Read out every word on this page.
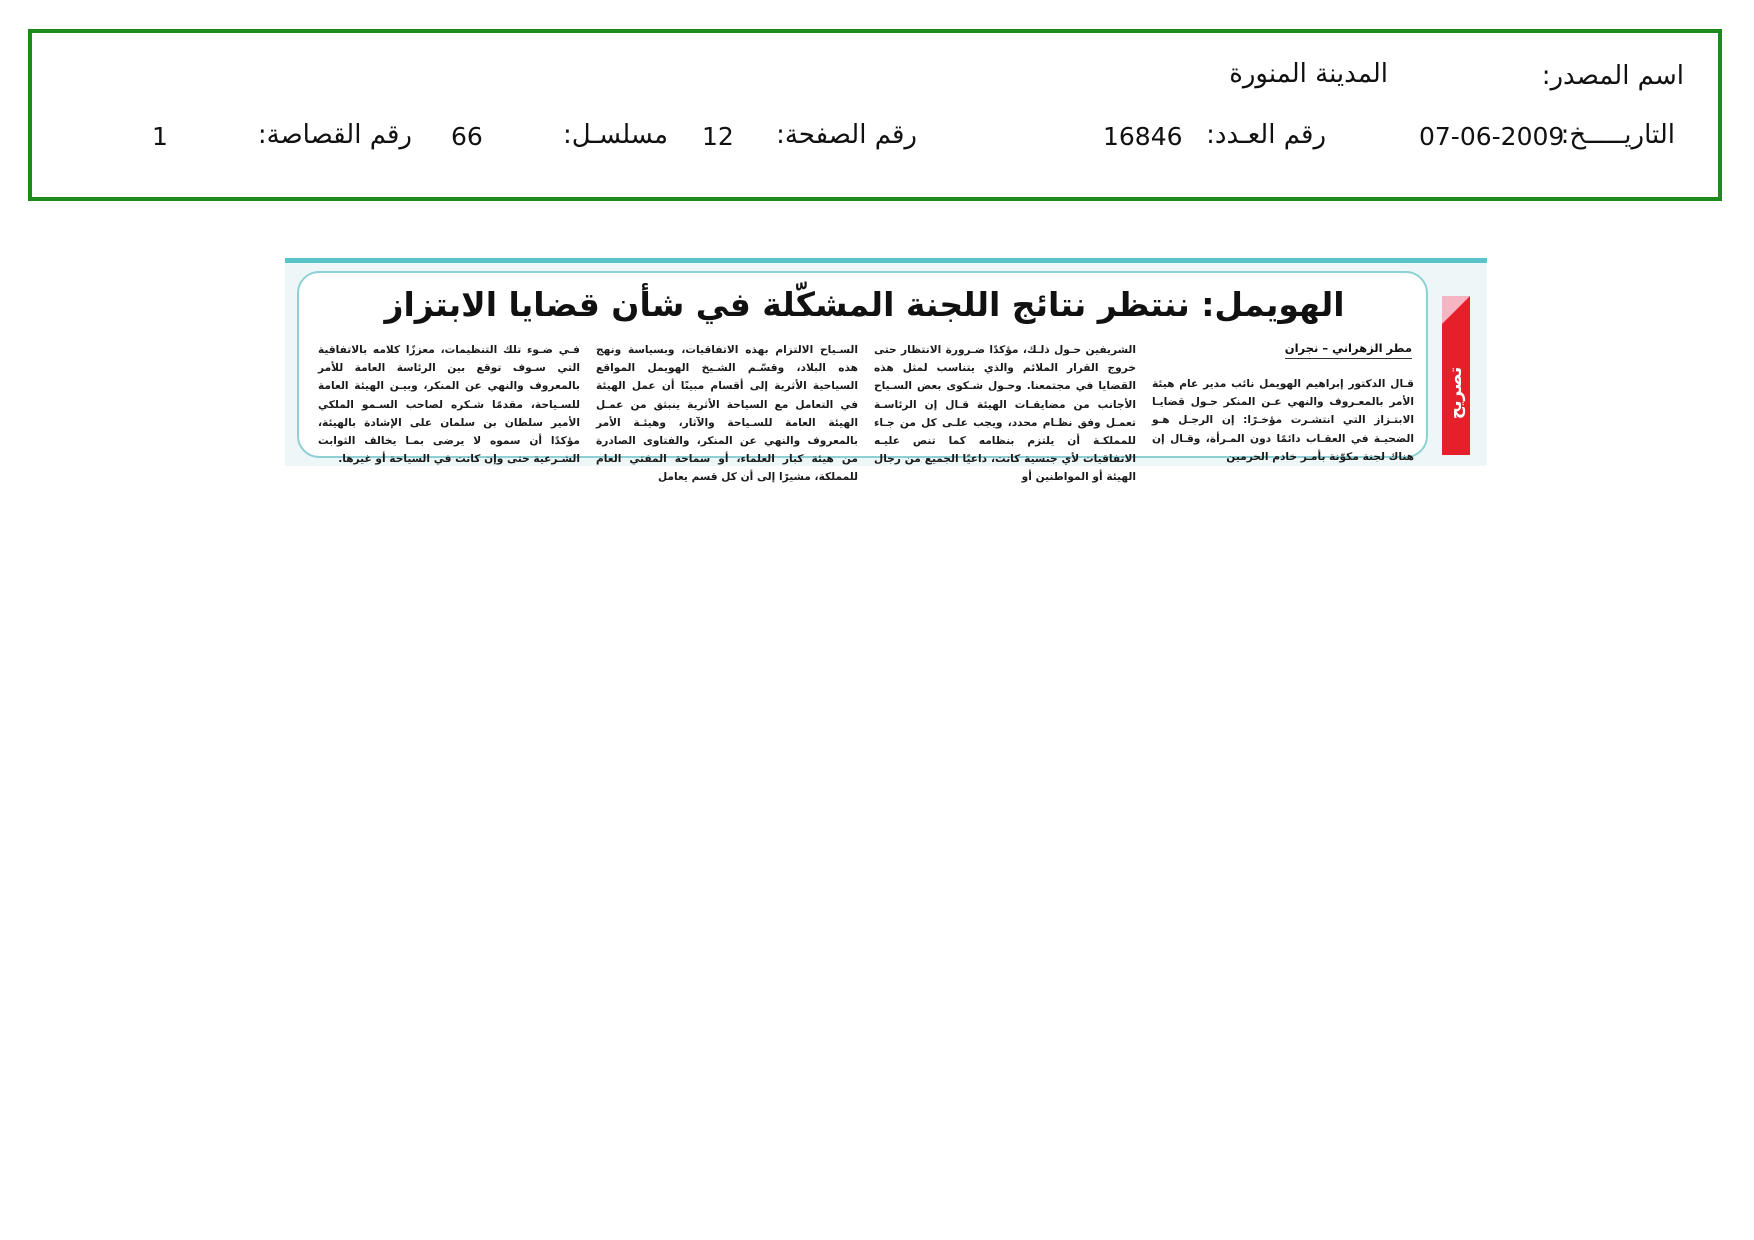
اسم المصدر:
المدينة المنورة
التاريـــــخ:
07-06-2009
رقم العـدد:
16846
رقم الصفحة:
12
مسلسـل:
66
رقم القصاصة:
1
الهويمل: ننتظر نتائج اللجنة المشكّلة في شأن قضايا الابتزاز
مطر الزهراني – نجران
قـال الدكتور إبراهيم الهويمل نائب مدير عام هيئة الأمر بالمعـروف والنهي عـن المنكر حـول قضايـا الابتـزاز التي انتشـرت مؤخـرًا: إن الرجـل هـو الضحيـة في العقـاب دائمًا دون المـرأة، وقـال إن هناك لجنة مكوّنة بأمـر خادم الحرمين
الشريفين حـول ذلـك، مؤكدًا ضـرورة الانتظار حتى خروج القرار الملائم والذي يتناسب لمثل هذه القضايا في مجتمعنا. وحـول شـكوى بعض السـياح الأجانب من مضايقـات الهيئة قـال إن الرئاسـة تعمـل وفق نظـام محدد، ويجب علـى كل من جـاء للمملكـة أن يلتزم بنظامه كما تنص عليـه الاتفاقيات لأي جنسية كانت، داعيًا الجميع من رجال الهيئة أو المواطنين أو
السـياح الالتزام بهذه الاتفاقيات، وبسياسة ونهج هذه البلاد، وقسّـم الشـيخ الهويمل المواقع السياحية الأثرية إلى أقسام مبينًا أن عمل الهيئة في التعامل مع السياحة الأثرية ينبثق من عمـل الهيئة العامة للسـياحة والآثار، وهيئـة الأمر بالمعروف والنهي عن المنكر، والفتاوى الصادرة من هيئة كبار العلماء، أو سماحة المفتي العام للمملكة، مشيرًا إلى أن كل قسم يعامل
فـي ضـوء تلك التنظيمات، معززًا كلامه بالاتفاقية التي سـوف توقع بين الرئاسة العامة للأمر بالمعروف والنهي عن المنكر، وبيـن الهيئة العامة للسـياحة، مقدمًا شـكره لصاحب السـمو الملكي الأمير سلطان بن سلمان على الإشادة بالهيئة، مؤكدًا أن سموه لا يرضى بمـا يخالف الثوابت الشـرعية حتى وإن كانت في السياحة أو غيرها.
تصريح
